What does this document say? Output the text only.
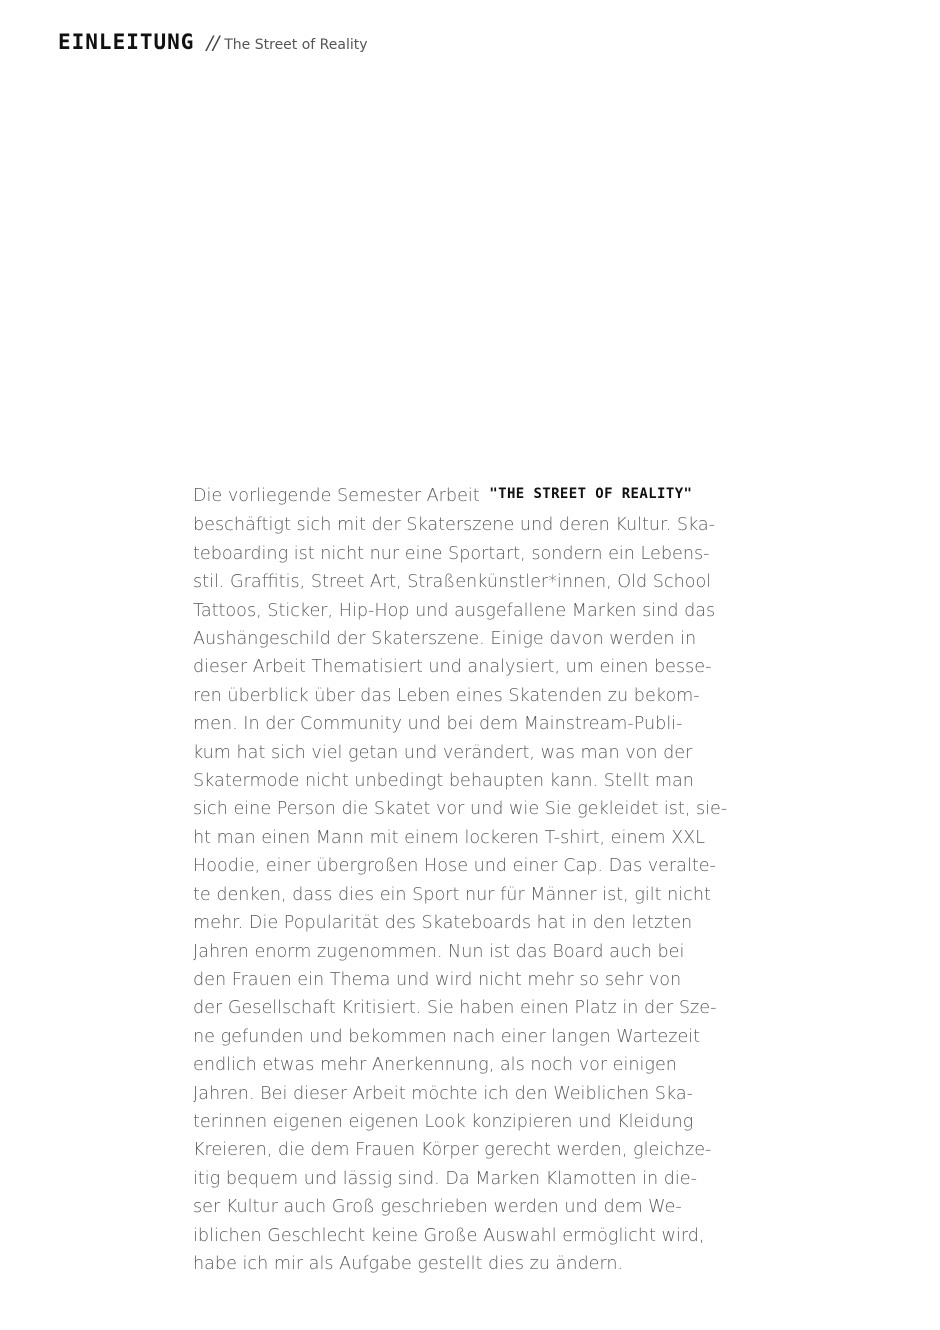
EINLEITUNG // The Street of Reality
Die vorliegende Semester Arbeit "THE STREET OF REALITY"
beschäftigt sich mit der Skaterszene und deren Kultur. Ska-
teboarding ist nicht nur eine Sportart, sondern ein Lebens-
stil. Graffitis, Street Art, Straßenkünstler*innen, Old School
Tattoos, Sticker, Hip-Hop und ausgefallene Marken sind das
Aushängeschild der Skaterszene. Einige davon werden in
dieser Arbeit Thematisiert und analysiert, um einen besse-
ren überblick über das Leben eines Skatenden zu bekom-
men. In der Community und bei dem Mainstream-Publi-
kum hat sich viel getan und verändert, was man von der
Skatermode nicht unbedingt behaupten kann. Stellt man
sich eine Person die Skatet vor und wie Sie gekleidet ist, sie-
ht man einen Mann mit einem lockeren T-shirt, einem XXL
Hoodie, einer übergroßen Hose und einer Cap. Das veralte-
te denken, dass dies ein Sport nur für Männer ist, gilt nicht
mehr. Die Popularität des Skateboards hat in den letzten
Jahren enorm zugenommen. Nun ist das Board auch bei
den Frauen ein Thema und wird nicht mehr so sehr von
der Gesellschaft Kritisiert. Sie haben einen Platz in der Sze-
ne gefunden und bekommen nach einer langen Wartezeit
endlich etwas mehr Anerkennung, als noch vor einigen
Jahren. Bei dieser Arbeit möchte ich den Weiblichen Ska-
terinnen eigenen eigenen Look konzipieren und Kleidung
Kreieren, die dem Frauen Körper gerecht werden, gleichze-
itig bequem und lässig sind. Da Marken Klamotten in die-
ser Kultur auch Groß geschrieben werden und dem We-
iblichen Geschlecht keine Große Auswahl ermöglicht wird,
habe ich mir als Aufgabe gestellt dies zu ändern.
